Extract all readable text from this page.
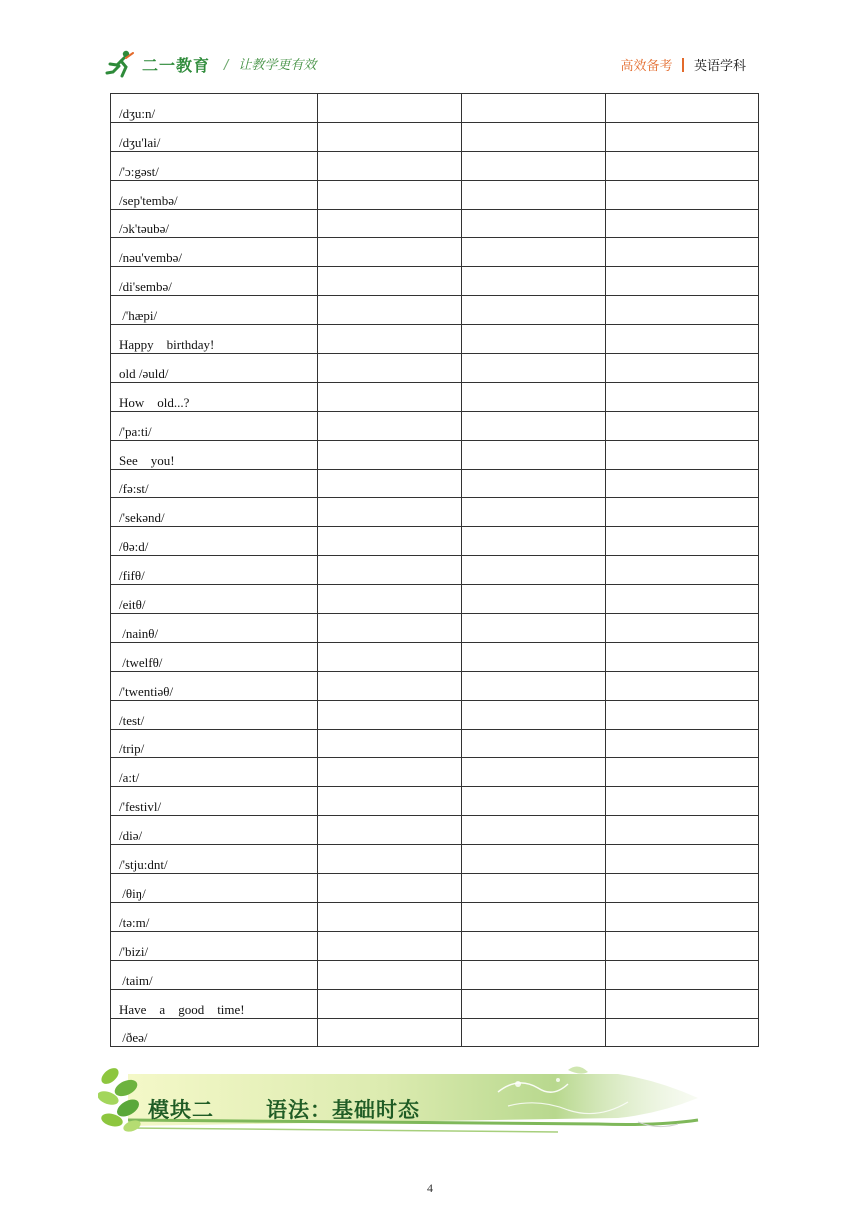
二一教育 / 让教学更有效	高效备考 英语学科
/dʒu:n/			
/dʒu'lai/			
/'ɔ:gəst/			
/sep'tembə/			
/ɔk'təubə/			
/nəu'vembə/			
/di'sembə/			
/'hæpi/			
Happy    birthday!			
old /əuld/			
How    old...?			
/'pa:ti/			
See    you!			
/fə:st/			
/'sekənd/			
/θə:d/			
/fifθ/			
/eitθ/			
/nainθ/			
/twelfθ/			
/'twentiəθ/			
/test/			
/trip/			
/a:t/			
/'festivl/			
/diə/			
/'stju:dnt/			
/θiŋ/			
/tə:m/			
/'bizi/			
/taim/			
Have    a    good    time!			
/ðeə/			
模块二 语法：基础时态
4
